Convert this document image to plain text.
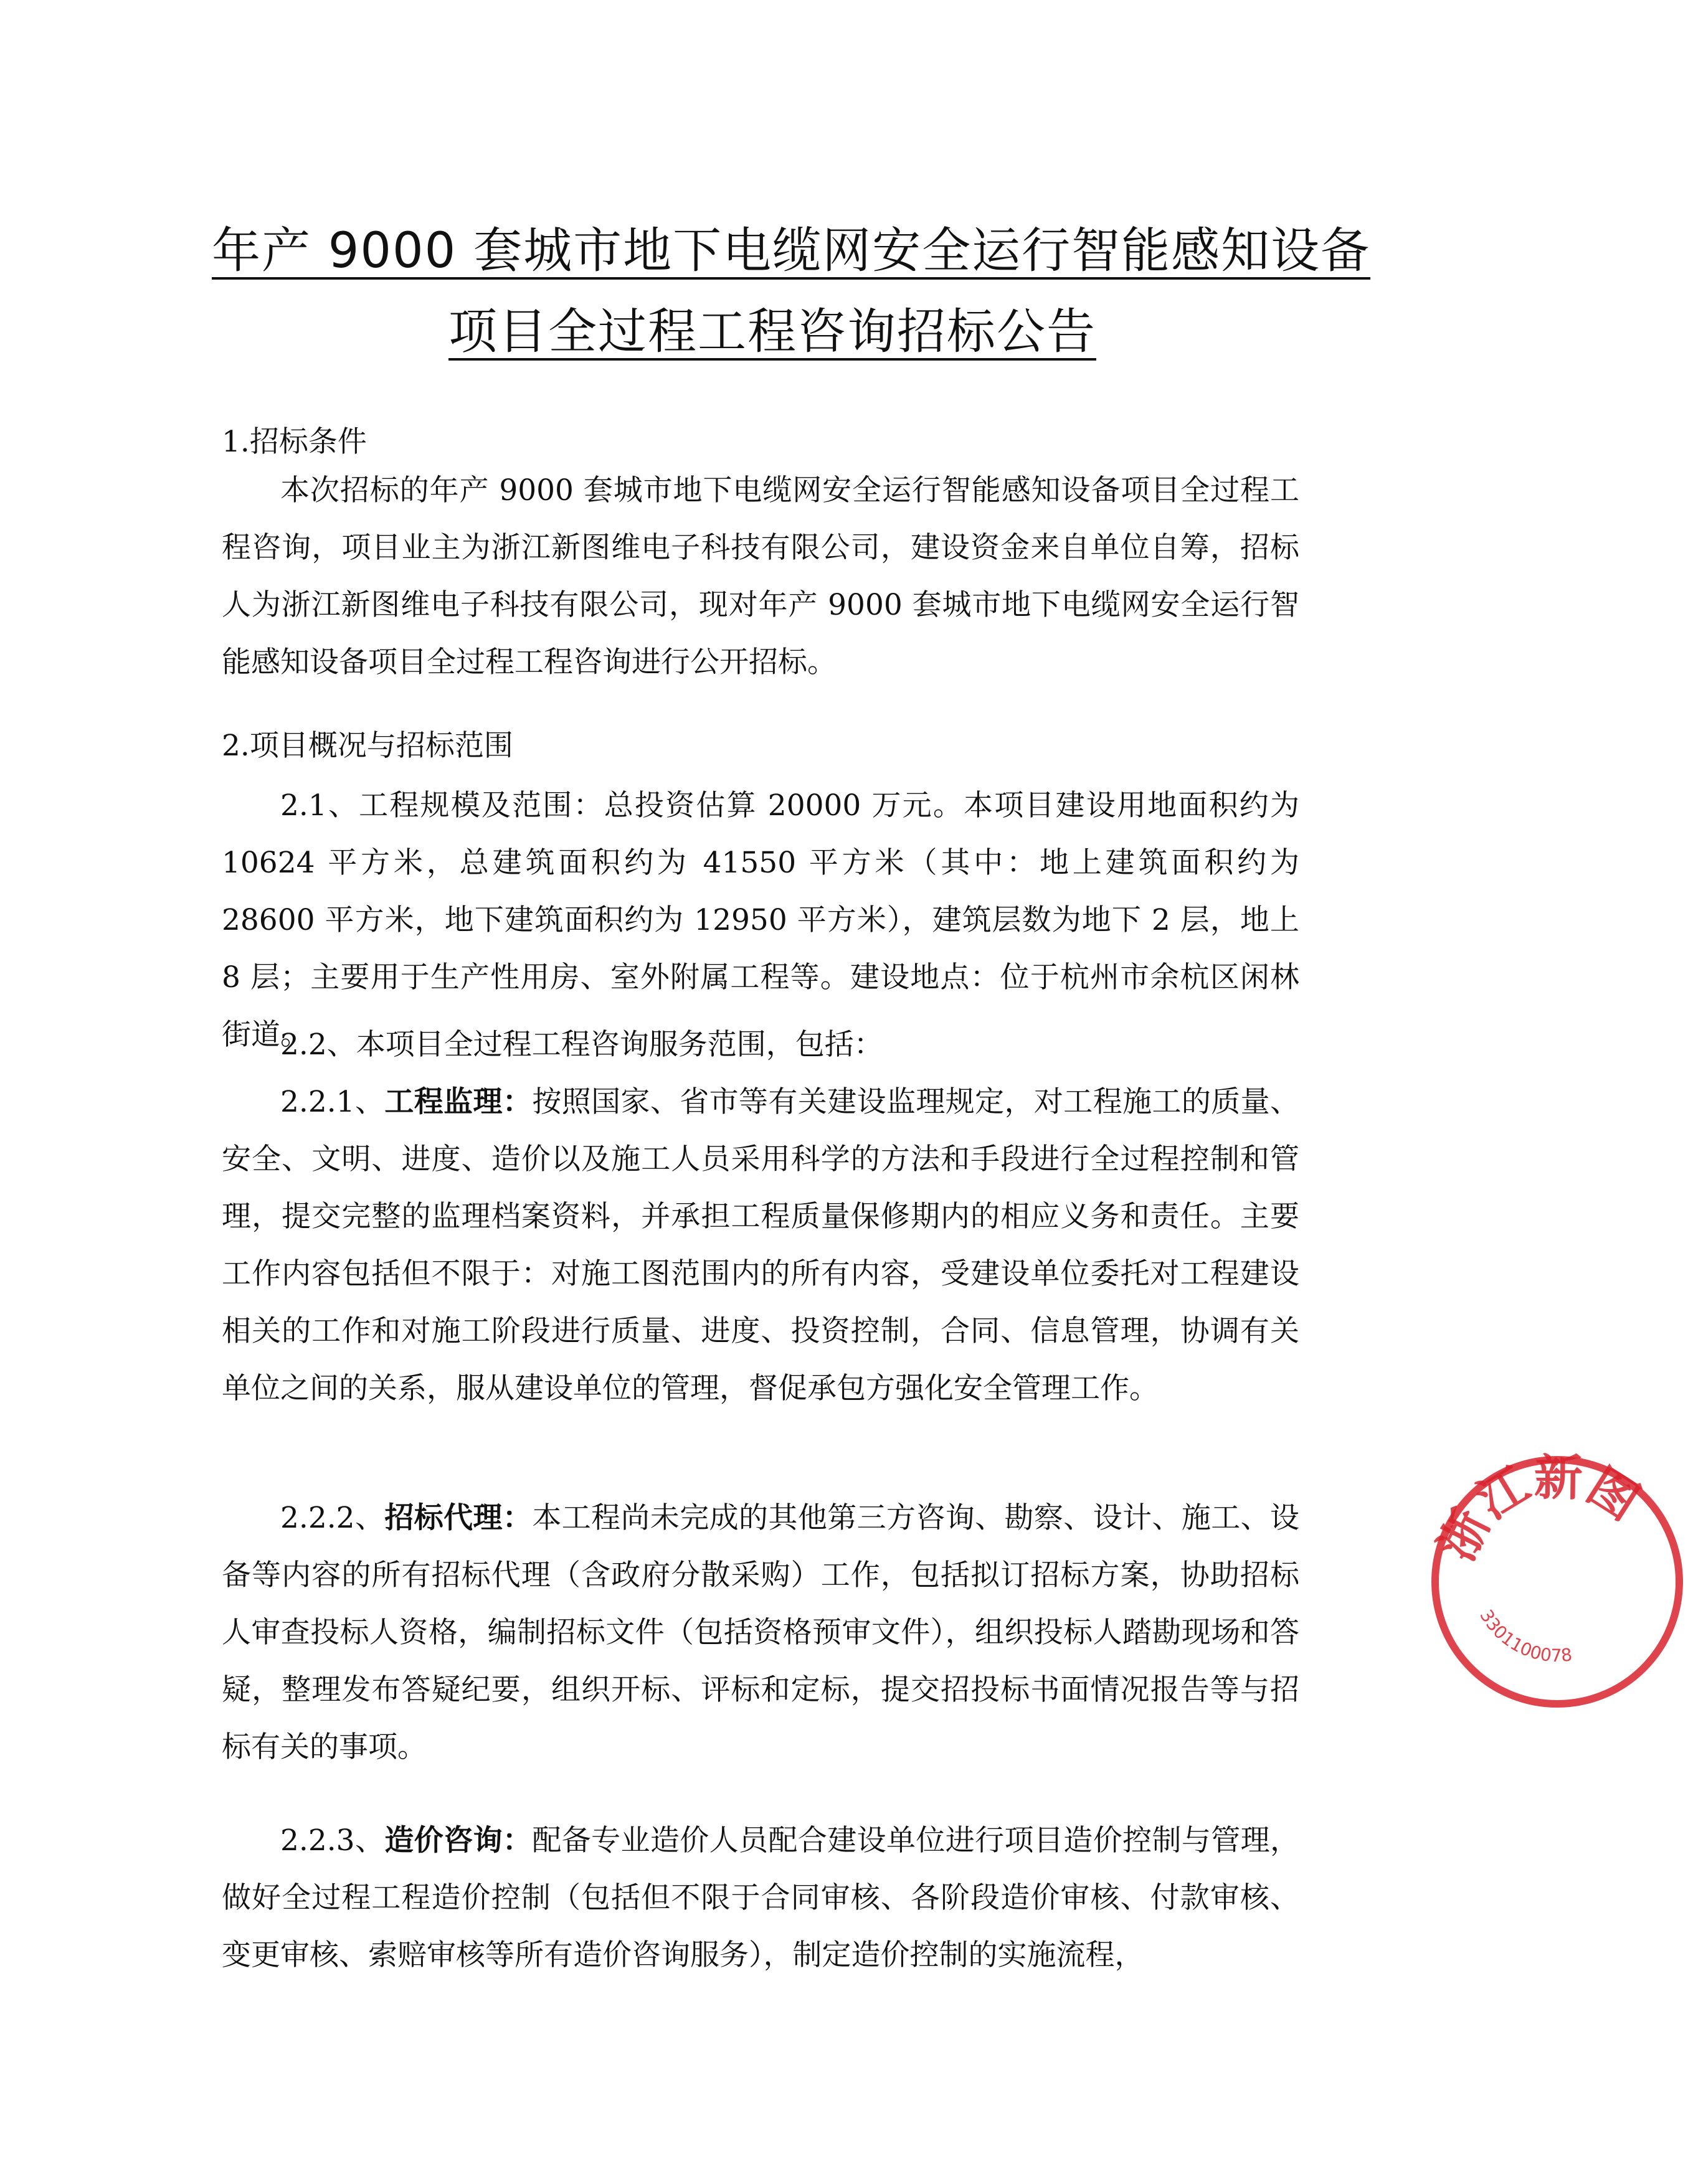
年产 9000 套城市地下电缆网安全运行智能感知设备
项目全过程工程咨询招标公告
1.招标条件

本次招标的年产 9000 套城市地下电缆网安全运行智能感知设备项目全过程工程咨询，项目业主为浙江新图维电子科技有限公司，建设资金来自单位自筹，招标人为浙江新图维电子科技有限公司，现对年产 9000 套城市地下电缆网安全运行智能感知设备项目全过程工程咨询进行公开招标。

2.项目概况与招标范围

2.1、工程规模及范围：总投资估算 20000 万元。本项目建设用地面积约为 10624 平方米，总建筑面积约为 41550 平方米（其中：地上建筑面积约为 28600 平方米，地下建筑面积约为 12950 平方米），建筑层数为地下 2 层，地上 8 层；主要用于生产性用房、室外附属工程等。建设地点：位于杭州市余杭区闲林街道。

2.2、本项目全过程工程咨询服务范围，包括：

2.2.1、工程监理：按照国家、省市等有关建设监理规定，对工程施工的质量、安全、文明、进度、造价以及施工人员采用科学的方法和手段进行全过程控制和管理，提交完整的监理档案资料，并承担工程质量保修期内的相应义务和责任。主要工作内容包括但不限于：对施工图范围内的所有内容，受建设单位委托对工程建设相关的工作和对施工阶段进行质量、进度、投资控制，合同、信息管理，协调有关单位之间的关系，服从建设单位的管理，督促承包方强化安全管理工作。

2.2.2、招标代理：本工程尚未完成的其他第三方咨询、勘察、设计、施工、设备等内容的所有招标代理（含政府分散采购）工作，包括拟订招标方案，协助招标人审查投标人资格，编制招标文件（包括资格预审文件），组织投标人踏勘现场和答疑，整理发布答疑纪要，组织开标、评标和定标，提交招投标书面情况报告等与招标有关的事项。

2.2.3、造价咨询：配备专业造价人员配合建设单位进行项目造价控制与管理，做好全过程工程造价控制（包括但不限于合同审核、各阶段造价审核、付款审核、变更审核、索赔审核等所有造价咨询服务），制定造价控制的实施流程，

浙江新图
3301100078
